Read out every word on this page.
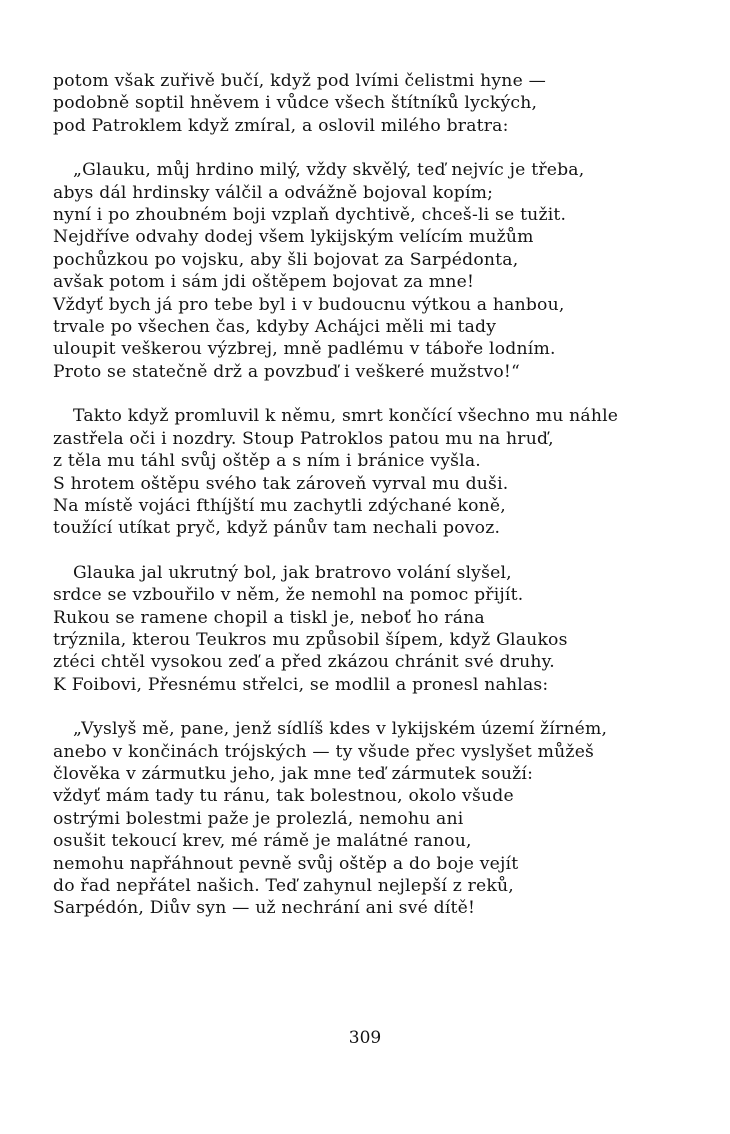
potom však zuřivě bučí, když pod lvími čelistmi hyne —
podobně soptil hněvem i vůdce všech štítníků lyckých,
pod Patroklem když zmíral, a oslovil milého bratra:
„Glauku, můj hrdino milý, vždy skvělý, teď nejvíc je třeba,
abys dál hrdinsky válčil a odvážně bojoval kopím;
nyní i po zhoubném boji vzplaň dychtivě, chceš-li se tužit.
Nejdříve odvahy dodej všem lykijským velícím mužům
pochůzkou po vojsku, aby šli bojovat za Sarpédonta,
avšak potom i sám jdi oštěpem bojovat za mne!
Vždyť bych já pro tebe byl i v budoucnu výtkou a hanbou,
trvale po všechen čas, kdyby Achájci měli mi tady
uloupit veškerou výzbrej, mně padlému v táboře lodním.
Proto se statečně drž a povzbuď i veškeré mužstvo!“
Takto když promluvil k němu, smrt končící všechno mu náhle
zastřela oči i nozdry. Stoup Patroklos patou mu na hruď,
z těla mu táhl svůj oštěp a s ním i bránice vyšla.
S hrotem oštěpu svého tak zároveň vyrval mu duši.
Na místě vojáci fthíjští mu zachytli zdýchané koně,
toužící utíkat pryč, když pánův tam nechali povoz.
Glauka jal ukrutný bol, jak bratrovo volání slyšel,
srdce se vzbouřilo v něm, že nemohl na pomoc přijít.
Rukou se ramene chopil a tiskl je, neboť ho rána
trýznila, kterou Teukros mu způsobil šípem, když Glaukos
ztéci chtěl vysokou zeď a před zkázou chránit své druhy.
K Foibovi, Přesnému střelci, se modlil a pronesl nahlas:
„Vyslyš mě, pane, jenž sídlíš kdes v lykijském území žírném,
anebo v končinách trójských — ty všude přec vyslyšet můžeš
člověka v zármutku jeho, jak mne teď zármutek souží:
vždyť mám tady tu ránu, tak bolestnou, okolo všude
ostrými bolestmi paže je prolezlá, nemohu ani
osušit tekoucí krev, mé rámě je malátné ranou,
nemohu napřáhnout pevně svůj oštěp a do boje vejít
do řad nepřátel našich. Teď zahynul nejlepší z reků,
Sarpédón, Diův syn — už nechrání ani své dítě!
309
